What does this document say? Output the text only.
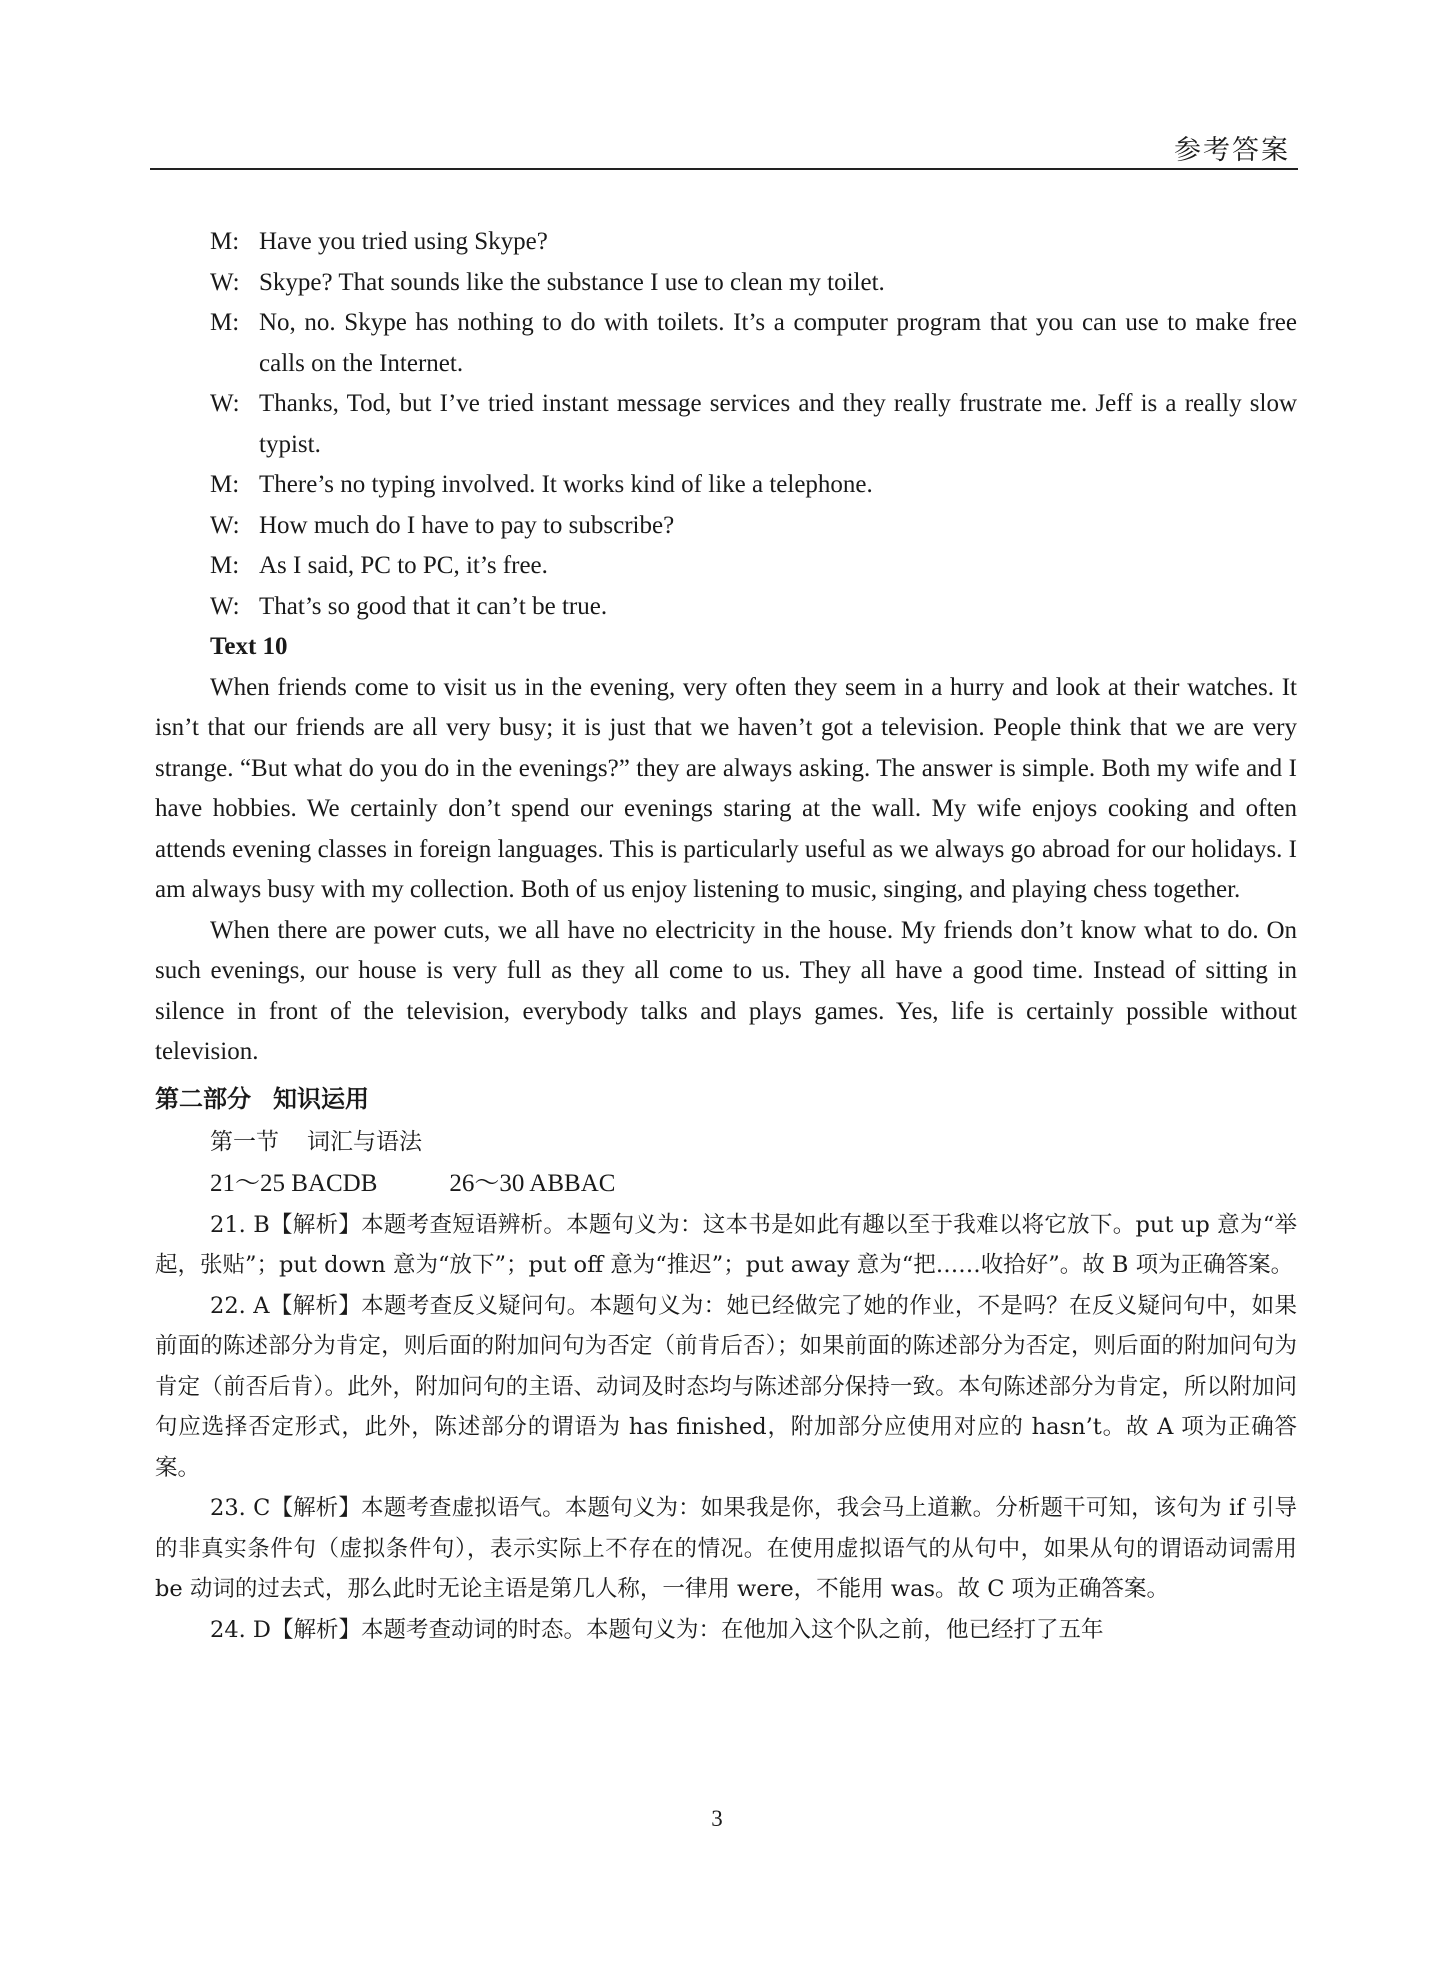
参考答案
M: Have you tried using Skype?
W: Skype? That sounds like the substance I use to clean my toilet.
M: No, no. Skype has nothing to do with toilets. It’s a computer program that you can use to make free calls on the Internet.
W: Thanks, Tod, but I’ve tried instant message services and they really frustrate me. Jeff is a really slow typist.
M: There’s no typing involved. It works kind of like a telephone.
W: How much do I have to pay to subscribe?
M: As I said, PC to PC, it’s free.
W: That’s so good that it can’t be true.
Text 10

When friends come to visit us in the evening, very often they seem in a hurry and look at their watches. It isn’t that our friends are all very busy; it is just that we haven’t got a television. People think that we are very strange. “But what do you do in the evenings?” they are always asking. The answer is simple. Both my wife and I have hobbies. We certainly don’t spend our evenings staring at the wall. My wife enjoys cooking and often attends evening classes in foreign languages. This is particularly useful as we always go abroad for our holidays. I am always busy with my collection. Both of us enjoy listening to music, singing, and playing chess together.

When there are power cuts, we all have no electricity in the house. My friends don’t know what to do. On such evenings, our house is very full as they all come to us. They all have a good time. Instead of sitting in silence in front of the television, everybody talks and plays games. Yes, life is certainly possible without television.

第二部分 知识运用
第一节 词汇与语法
21～25 BACDB	26～30 ABBAC

21. B【解析】本题考查短语辨析。本题句义为：这本书是如此有趣以至于我难以将它放下。put up 意为“举起，张贴”；put down 意为“放下”；put off 意为“推迟”；put away 意为“把……收拾好”。故 B 项为正确答案。

22. A【解析】本题考查反义疑问句。本题句义为：她已经做完了她的作业，不是吗？在反义疑问句中，如果前面的陈述部分为肯定，则后面的附加问句为否定（前肯后否）；如果前面的陈述部分为否定，则后面的附加问句为肯定（前否后肯）。此外，附加问句的主语、动词及时态均与陈述部分保持一致。本句陈述部分为肯定，所以附加问句应选择否定形式，此外，陈述部分的谓语为 has finished，附加部分应使用对应的 hasn’t。故 A 项为正确答案。

23. C【解析】本题考查虚拟语气。本题句义为：如果我是你，我会马上道歉。分析题干可知，该句为 if 引导的非真实条件句（虚拟条件句），表示实际上不存在的情况。在使用虚拟语气的从句中，如果从句的谓语动词需用 be 动词的过去式，那么此时无论主语是第几人称，一律用 were，不能用 was。故 C 项为正确答案。

24. D【解析】本题考查动词的时态。本题句义为：在他加入这个队之前，他已经打了五年

3
